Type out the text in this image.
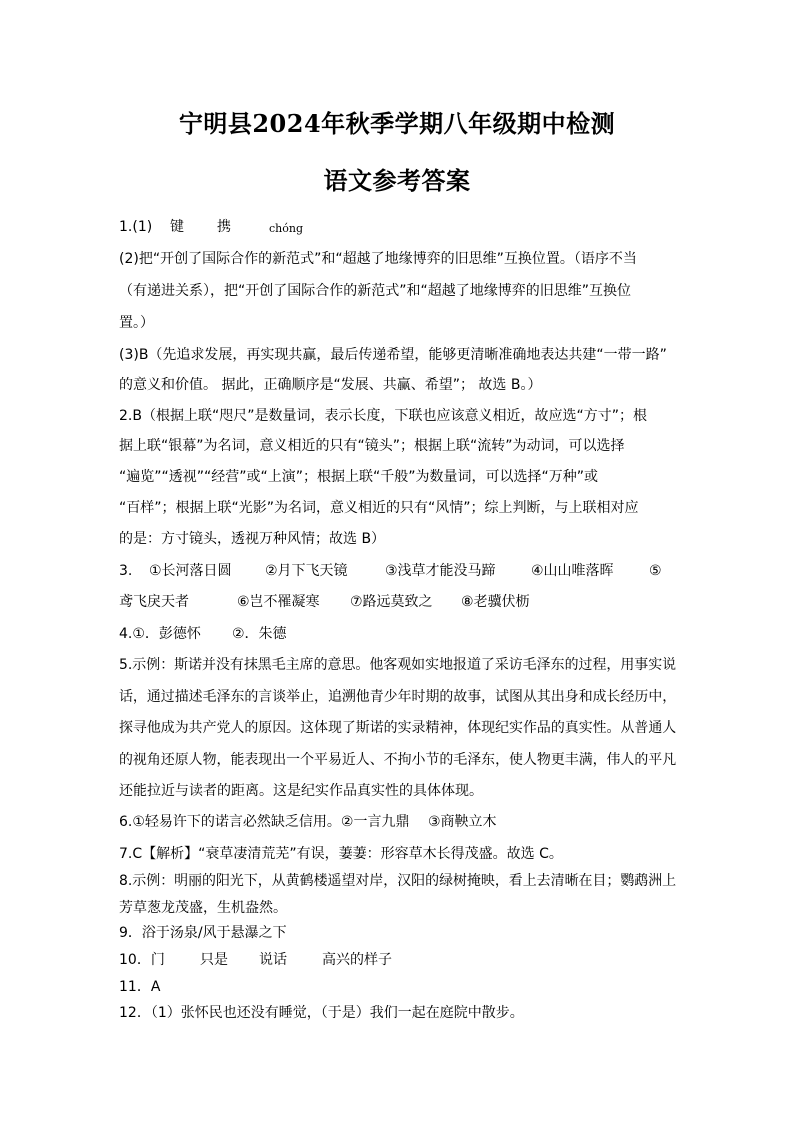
宁明县2024年秋季学期八年级期中检测
语文参考答案
1.(1) 键 携	chóng
(2)把“开创了国际合作的新范式”和“超越了地缘博弈的旧思维”互换位置。（语序不当
（有递进关系），把“开创了国际合作的新范式”和“超越了地缘博弈的旧思维”互换位
置。）
(3)B（先追求发展，再实现共赢，最后传递希望，能够更清晰准确地表达共建“一带一路”
的意义和价值。 据此，正确顺序是“发展、共赢、希望”； 故选 B。）
2.B（根据上联“咫尺”是数量词，表示长度，下联也应该意义相近，故应选“方寸”；根
据上联“银幕”为名词，意义相近的只有“镜头”；根据上联“流转”为动词，可以选择
“遍览”“透视”“经营”或“上演”；根据上联“千般”为数量词，可以选择“万种”或
“百样”；根据上联“光影”为名词，意义相近的只有“风情”；综上判断，与上联相对应
的是：方寸镜头，透视万种风情；故选 B）
3. ①长河落日圆 ②月下飞天镜	③浅草才能没马蹄	④山山唯落晖	⑤
鸢飞戾天者	⑥岂不罹凝寒 ⑦路远莫致之 ⑧老骥伏枥
4.①．彭德怀 ②．朱德
5.示例：斯诺并没有抹黑毛主席的意思。他客观如实地报道了采访毛泽东的过程，用事实说
话，通过描述毛泽东的言谈举止，追溯他青少年时期的故事，试图从其出身和成长经历中，
探寻他成为共产党人的原因。这体现了斯诺的实录精神，体现纪实作品的真实性。从普通人
的视角还原人物，能表现出一个平易近人、不拘小节的毛泽东，使人物更丰满，伟人的平凡
还能拉近与读者的距离。这是纪实作品真实性的具体体现。
6.①轻易许下的诺言必然缺乏信用。②一言九鼎 ③商鞅立木
7.C【解析】“衰草凄清荒芜”有误，萋萋：形容草木长得茂盛。故选 C。
8.示例：明丽的阳光下，从黄鹤楼遥望对岸，汉阳的绿树掩映，看上去清晰在目；鹦鹉洲上
芳草葱龙茂盛，生机盎然。
9．浴于汤泉/风于悬瀑之下
10．门	只是 说话	高兴的样子
11．A
12．（1）张怀民也还没有睡觉，（于是）我们一起在庭院中散步。
